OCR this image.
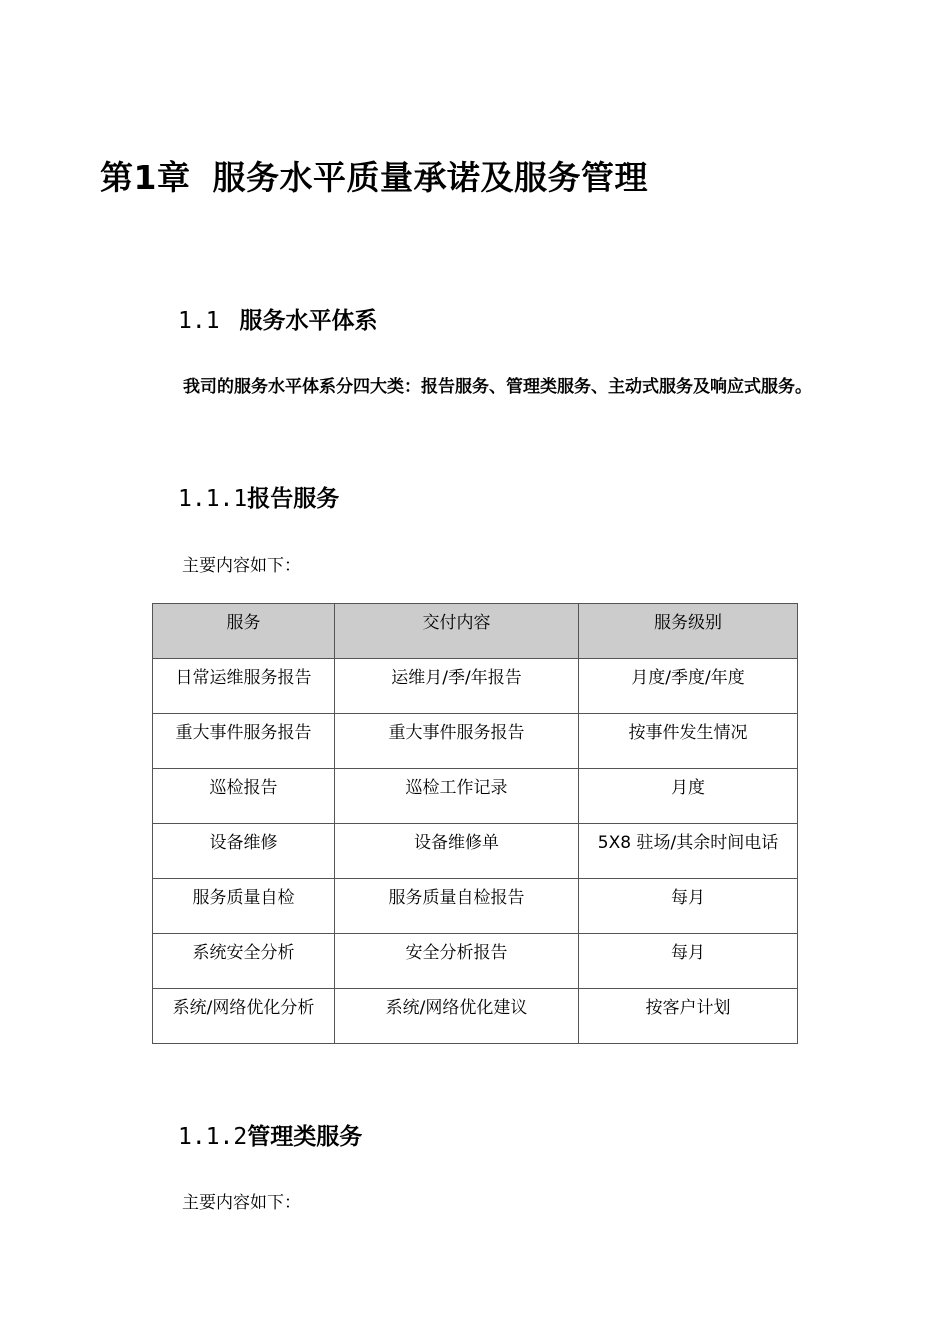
第1章 服务水平质量承诺及服务管理
1.1 服务水平体系
我司的服务水平体系分四大类：报告服务、管理类服务、主动式服务及响应式服务。
1.1.1报告服务
主要内容如下：
服务	交付内容	服务级别

日常运维服务报告	运维月/季/年报告	月度/季度/年度

重大事件服务报告	重大事件服务报告	按事件发生情况

巡检报告	巡检工作记录	月度

设备维修	设备维修单	5X8 驻场/其余时间电话

服务质量自检	服务质量自检报告	每月

系统安全分析	安全分析报告	每月

系统/网络优化分析	系统/网络优化建议	按客户计划
1.1.2管理类服务
主要内容如下：
